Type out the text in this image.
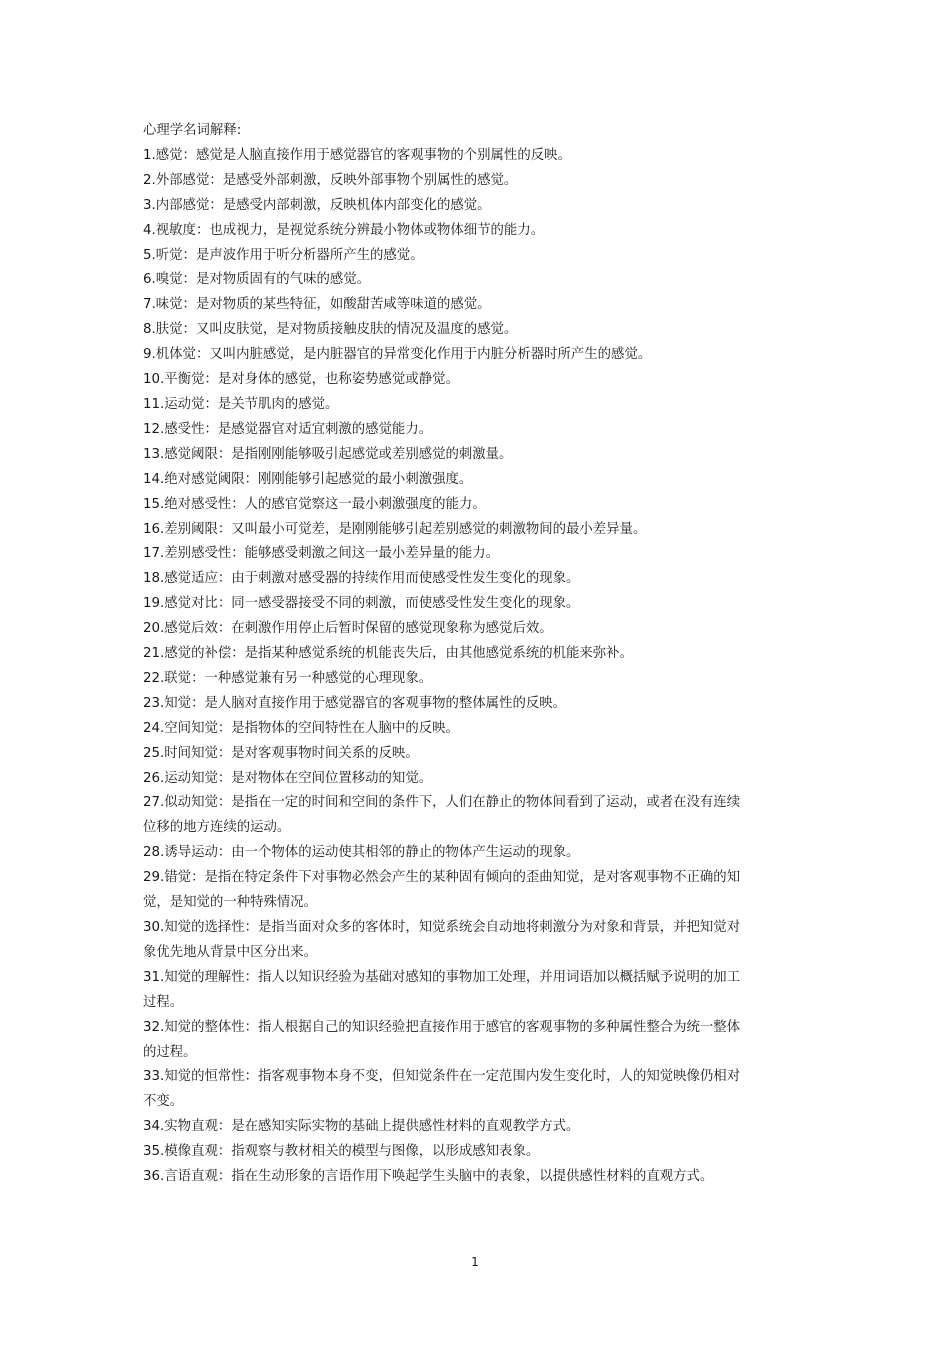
心理学名词解释:
1.感觉：感觉是人脑直接作用于感觉器官的客观事物的个别属性的反映。
2.外部感觉：是感受外部刺激，反映外部事物个别属性的感觉。
3.内部感觉：是感受内部刺激，反映机体内部变化的感觉。
4.视敏度：也成视力，是视觉系统分辨最小物体或物体细节的能力。
5.听觉：是声波作用于听分析器所产生的感觉。
6.嗅觉：是对物质固有的气味的感觉。
7.味觉：是对物质的某些特征，如酸甜苦咸等味道的感觉。
8.肤觉：又叫皮肤觉，是对物质接触皮肤的情况及温度的感觉。
9.机体觉：又叫内脏感觉，是内脏器官的异常变化作用于内脏分析器时所产生的感觉。
10.平衡觉：是对身体的感觉，也称姿势感觉或静觉。
11.运动觉：是关节肌肉的感觉。
12.感受性：是感觉器官对适宜刺激的感觉能力。
13.感觉阈限：是指刚刚能够吸引起感觉或差别感觉的刺激量。
14.绝对感觉阈限：刚刚能够引起感觉的最小刺激强度。
15.绝对感受性：人的感官觉察这一最小刺激强度的能力。
16.差别阈限：又叫最小可觉差，是刚刚能够引起差别感觉的刺激物间的最小差异量。
17.差别感受性：能够感受刺激之间这一最小差异量的能力。
18.感觉适应：由于刺激对感受器的持续作用而使感受性发生变化的现象。
19.感觉对比：同一感受器接受不同的刺激，而使感受性发生变化的现象。
20.感觉后效：在刺激作用停止后暂时保留的感觉现象称为感觉后效。
21.感觉的补偿：是指某种感觉系统的机能丧失后，由其他感觉系统的机能来弥补。
22.联觉：一种感觉兼有另一种感觉的心理现象。
23.知觉：是人脑对直接作用于感觉器官的客观事物的整体属性的反映。
24.空间知觉：是指物体的空间特性在人脑中的反映。
25.时间知觉：是对客观事物时间关系的反映。
26.运动知觉：是对物体在空间位置移动的知觉。
27.似动知觉：是指在一定的时间和空间的条件下，人们在静止的物体间看到了运动，或者在没有连续位移的地方连续的运动。
28.诱导运动：由一个物体的运动使其相邻的静止的物体产生运动的现象。
29.错觉：是指在特定条件下对事物必然会产生的某种固有倾向的歪曲知觉，是对客观事物不正确的知觉，是知觉的一种特殊情况。
30.知觉的选择性：是指当面对众多的客体时，知觉系统会自动地将刺激分为对象和背景，并把知觉对象优先地从背景中区分出来。
31.知觉的理解性：指人以知识经验为基础对感知的事物加工处理，并用词语加以概括赋予说明的加工过程。
32.知觉的整体性：指人根据自己的知识经验把直接作用于感官的客观事物的多种属性整合为统一整体的过程。
33.知觉的恒常性：指客观事物本身不变，但知觉条件在一定范围内发生变化时，人的知觉映像仍相对不变。
34.实物直观：是在感知实际实物的基础上提供感性材料的直观教学方式。
35.模像直观：指观察与教材相关的模型与图像，以形成感知表象。
36.言语直观：指在生动形象的言语作用下唤起学生头脑中的表象，以提供感性材料的直观方式。
1
